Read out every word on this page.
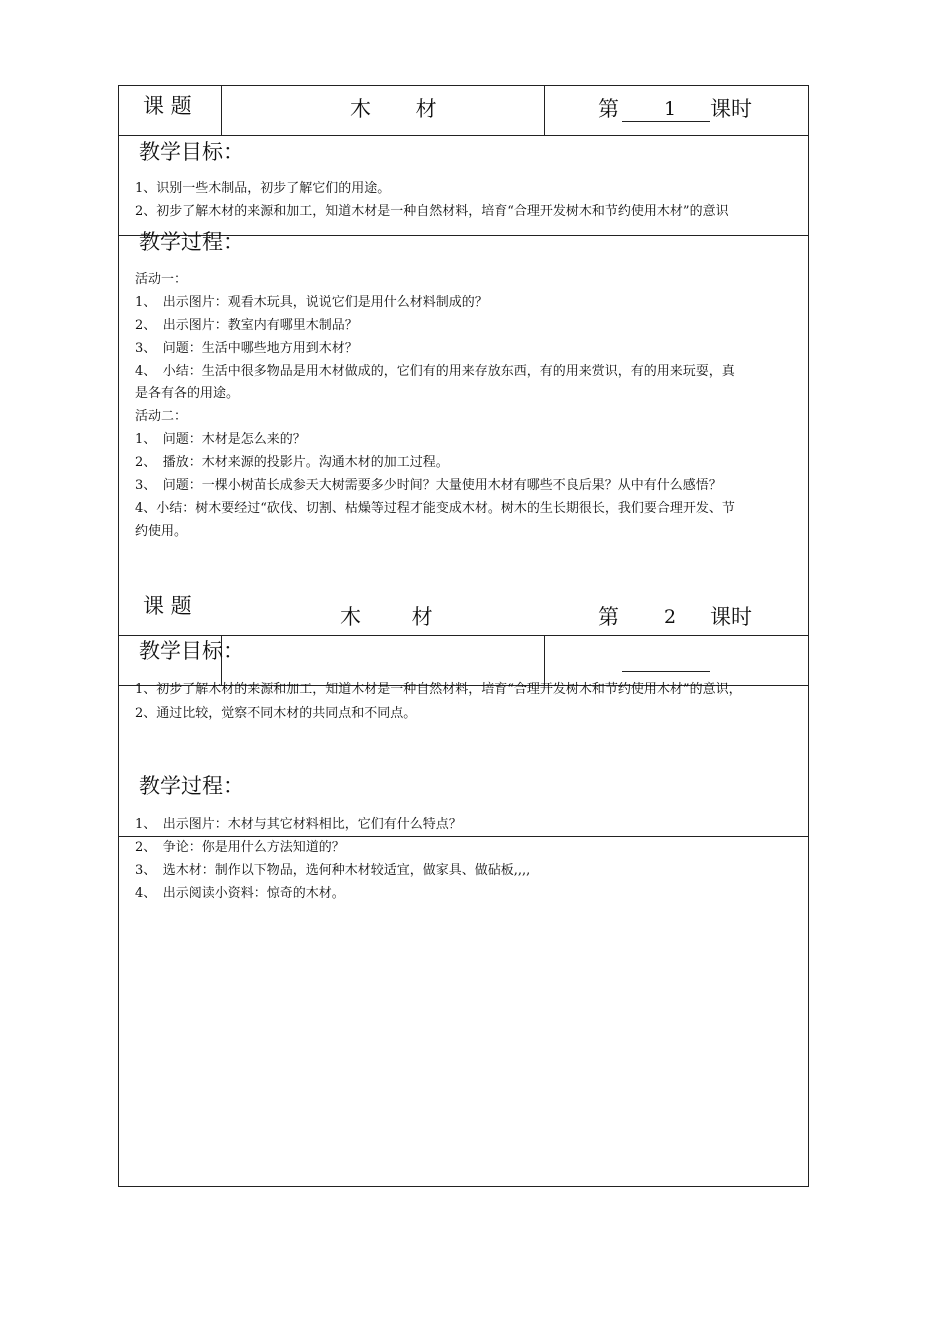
课 题	木 材	第 1 课时
教学目标：
1、识别一些木制品，初步了解它们的用途。
2、初步了解木材的来源和加工，知道木材是一种自然材料，培育“合理开发树木和节约使用木材”的意识
教学过程：
活动一：
1、　出示图片：观看木玩具，说说它们是用什么材料制成的？
2、　出示图片：教室内有哪里木制品？
3、　问题：生活中哪些地方用到木材？
4、　小结：生活中很多物品是用木材做成的，它们有的用来存放东西，有的用来赏识，有的用来玩耍，真
是各有各的用途。
活动二：
1、　问题：木材是怎么来的？
2、　播放：木材来源的投影片。沟通木材的加工过程。
3、　问题：一棵小树苗长成参天大树需要多少时间？大量使用木材有哪些不良后果？从中有什么感悟？
4、小结：树木要经过“砍伐、切割、枯燥等过程才能变成木材。树木的生长期很长，我们要合理开发、节
约使用。
课 题	木 材	第 2 课时
教学目标：
1、初步了解木材的来源和加工，知道木材是一种自然材料，培育“合理开发树木和节约使用木材”的意识，
2、通过比较，觉察不同木材的共同点和不同点。
教学过程：
1、　出示图片：木材与其它材料相比，它们有什么特点？
2、　争论：你是用什么方法知道的？
3、　选木材：制作以下物品，选何种木材较适宜，做家具、做砧板,,,,
4、　出示阅读小资料：惊奇的木材。
